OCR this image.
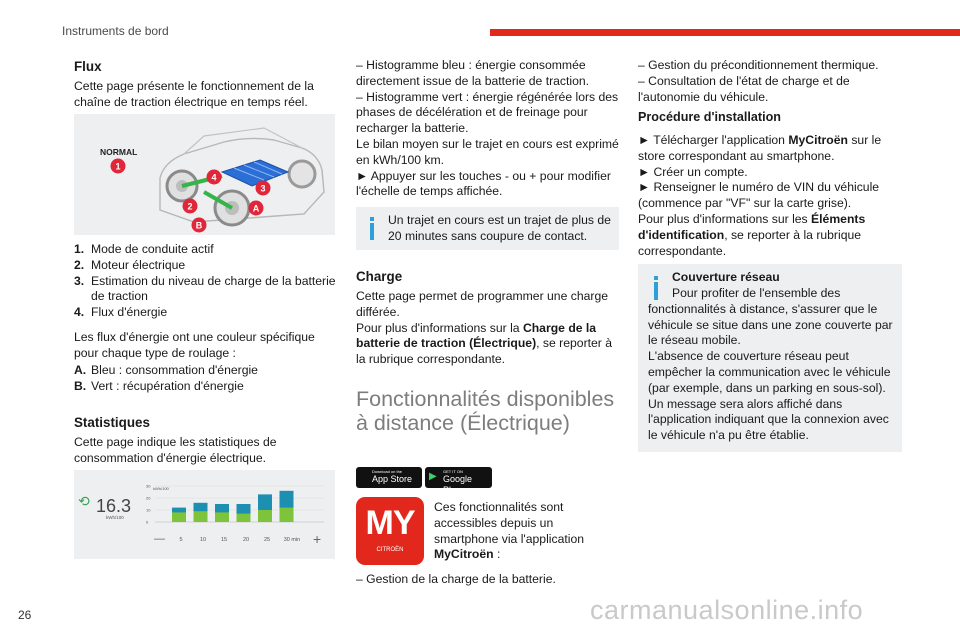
Instruments de bord
Flux

Cette page présente le fonctionnement de la chaîne de traction électrique en temps réel.

NORMAL
1
4
3
2	A
B
1. Mode de conduite actif
2. Moteur électrique
3. Estimation du niveau de charge de la batterie de traction
4. Flux d'énergie

Les flux d'énergie ont une couleur spécifique pour chaque type de roulage :

A. Bleu : consommation d'énergie
B. Vert : récupération d'énergie
Statistiques

Cette page indique les statistiques de consommation d'énergie électrique.

⟲ 16.3
kWh/100
kWh/100
30
20
10
0
—	5	10	15	20	25 30 min +

– Histogramme bleu : énergie consommée directement issue de la batterie de traction.

– Histogramme vert : énergie régénérée lors des phases de décélération et de freinage pour recharger la batterie.

Le bilan moyen sur le trajet en cours est exprimé en kWh/100 km.

► Appuyer sur les touches - ou + pour modifier l'échelle de temps affichée.

Un trajet en cours est un trajet de plus de 20 minutes sans coupure de contact.

Charge

Cette page permet de programmer une charge différée.

Pour plus d'informations sur la Charge de la batterie de traction (Électrique), se reporter à la rubrique correspondante.

Fonctionnalités disponibles à distance (Électrique)
Download on the
App Store ▶ GET IT ON
Google Play
MY
CITROËN

Ces fonctionnalités sont accessibles depuis un smartphone via l'application MyCitroën :

– Gestion de la charge de la batterie.

– Gestion du préconditionnement thermique.

– Consultation de l'état de charge et de l'autonomie du véhicule.

Procédure d'installation

► Télécharger l'application MyCitroën sur le store correspondant au smartphone.

► Créer un compte.

► Renseigner le numéro de VIN du véhicule (commence par "VF" sur la carte grise).

Pour plus d'informations sur les Éléments d'identification, se reporter à la rubrique correspondante.

Couverture réseau

Pour profiter de l'ensemble des fonctionnalités à distance, s'assurer que le véhicule se situe dans une zone couverte par le réseau mobile.
L'absence de couverture réseau peut empêcher la communication avec le véhicule (par exemple, dans un parking en sous-sol). Un message sera alors affiché dans l'application indiquant que la connexion avec le véhicule n'a pu être établie.

26	carmanualsonline.info
